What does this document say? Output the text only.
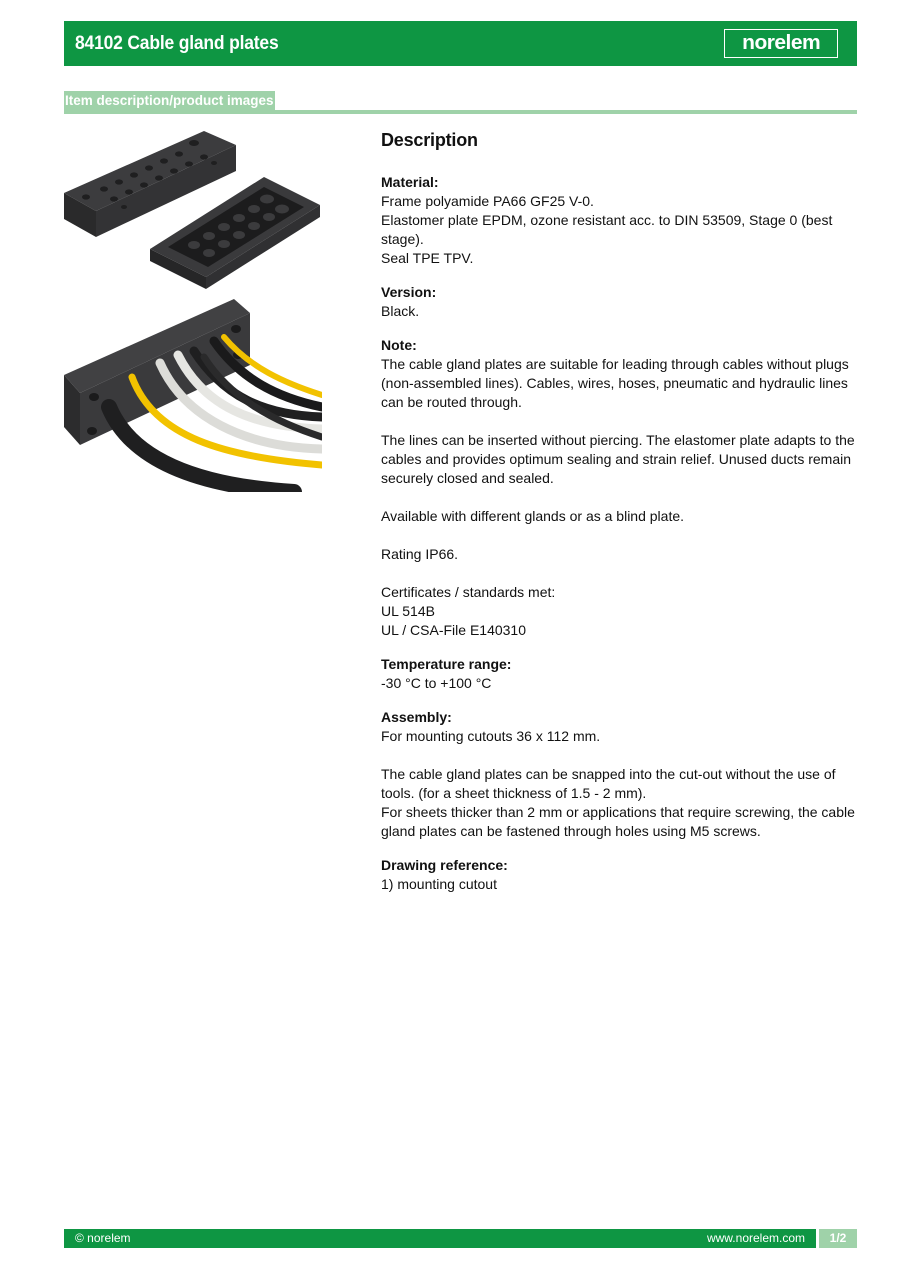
84102 Cable gland plates	norelem
Item description/product images
Description

Material:

Frame polyamide PA66 GF25 V-0.

Elastomer plate EPDM, ozone resistant acc. to DIN 53509, Stage 0 (best stage).

Seal TPE TPV.

Version:

Black.

Note:

The cable gland plates are suitable for leading through cables without plugs (non-assembled lines). Cables, wires, hoses, pneumatic and hydraulic lines can be routed through.

The lines can be inserted without piercing. The elastomer plate adapts to the cables and provides optimum sealing and strain relief. Unused ducts remain securely closed and sealed.

Available with different glands or as a blind plate.

Rating IP66.

Certificates / standards met:

UL 514B

UL / CSA-File E140310

Temperature range:

-30 °C to +100 °C

Assembly:

For mounting cutouts 36 x 112 mm.

The cable gland plates can be snapped into the cut-out without the use of tools. (for a sheet thickness of 1.5 - 2 mm).

For sheets thicker than 2 mm or applications that require screwing, the cable gland plates can be fastened through holes using M5 screws.

Drawing reference:

1) mounting cutout

© norelem	www.norelem.com	1/2
